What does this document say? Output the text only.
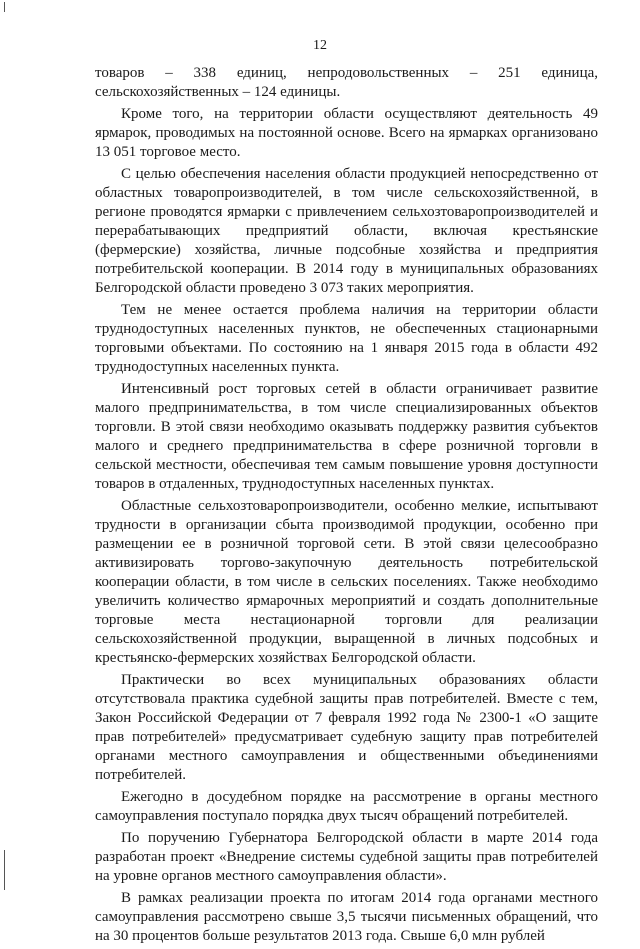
12

товаров – 338 единиц, непродовольственных – 251 единица, сельскохозяйственных – 124 единицы.

Кроме того, на территории области осуществляют деятельность 49 ярмарок, проводимых на постоянной основе. Всего на ярмарках организовано 13 051 торговое место.

С целью обеспечения населения области продукцией непосредственно от областных товаропроизводителей, в том числе сельскохозяйственной, в регионе проводятся ярмарки с привлечением сельхозтоваропроизводителей и перерабатывающих предприятий области, включая крестьянские (фермерские) хозяйства, личные подсобные хозяйства и предприятия потребительской кооперации. В 2014 году в муниципальных образованиях Белгородской области проведено 3 073 таких мероприятия.

Тем не менее остается проблема наличия на территории области труднодоступных населенных пунктов, не обеспеченных стационарными торговыми объектами. По состоянию на 1 января 2015 года в области 492 труднодоступных населенных пункта.

Интенсивный рост торговых сетей в области ограничивает развитие малого предпринимательства, в том числе специализированных объектов торговли. В этой связи необходимо оказывать поддержку развития субъектов малого и среднего предпринимательства в сфере розничной торговли в сельской местности, обеспечивая тем самым повышение уровня доступности товаров в отдаленных, труднодоступных населенных пунктах.

Областные сельхозтоваропроизводители, особенно мелкие, испытывают трудности в организации сбыта производимой продукции, особенно при размещении ее в розничной торговой сети. В этой связи целесообразно активизировать торгово-закупочную деятельность потребительской кооперации области, в том числе в сельских поселениях. Также необходимо увеличить количество ярмарочных мероприятий и создать дополнительные торговые места нестационарной торговли для реализации сельскохозяйственной продукции, выращенной в личных подсобных и крестьянско-фермерских хозяйствах Белгородской области.

Практически во всех муниципальных образованиях области отсутствовала практика судебной защиты прав потребителей. Вместе с тем, Закон Российской Федерации от 7 февраля 1992 года № 2300-1 «О защите прав потребителей» предусматривает судебную защиту прав потребителей органами местного самоуправления и общественными объединениями потребителей.

Ежегодно в досудебном порядке на рассмотрение в органы местного самоуправления поступало порядка двух тысяч обращений потребителей.

По поручению Губернатора Белгородской области в марте 2014 года разработан проект «Внедрение системы судебной защиты прав потребителей на уровне органов местного самоуправления области».

В рамках реализации проекта по итогам 2014 года органами местного самоуправления рассмотрено свыше 3,5 тысячи письменных обращений, что на 30 процентов больше результатов 2013 года. Свыше 6,0 млн рублей
